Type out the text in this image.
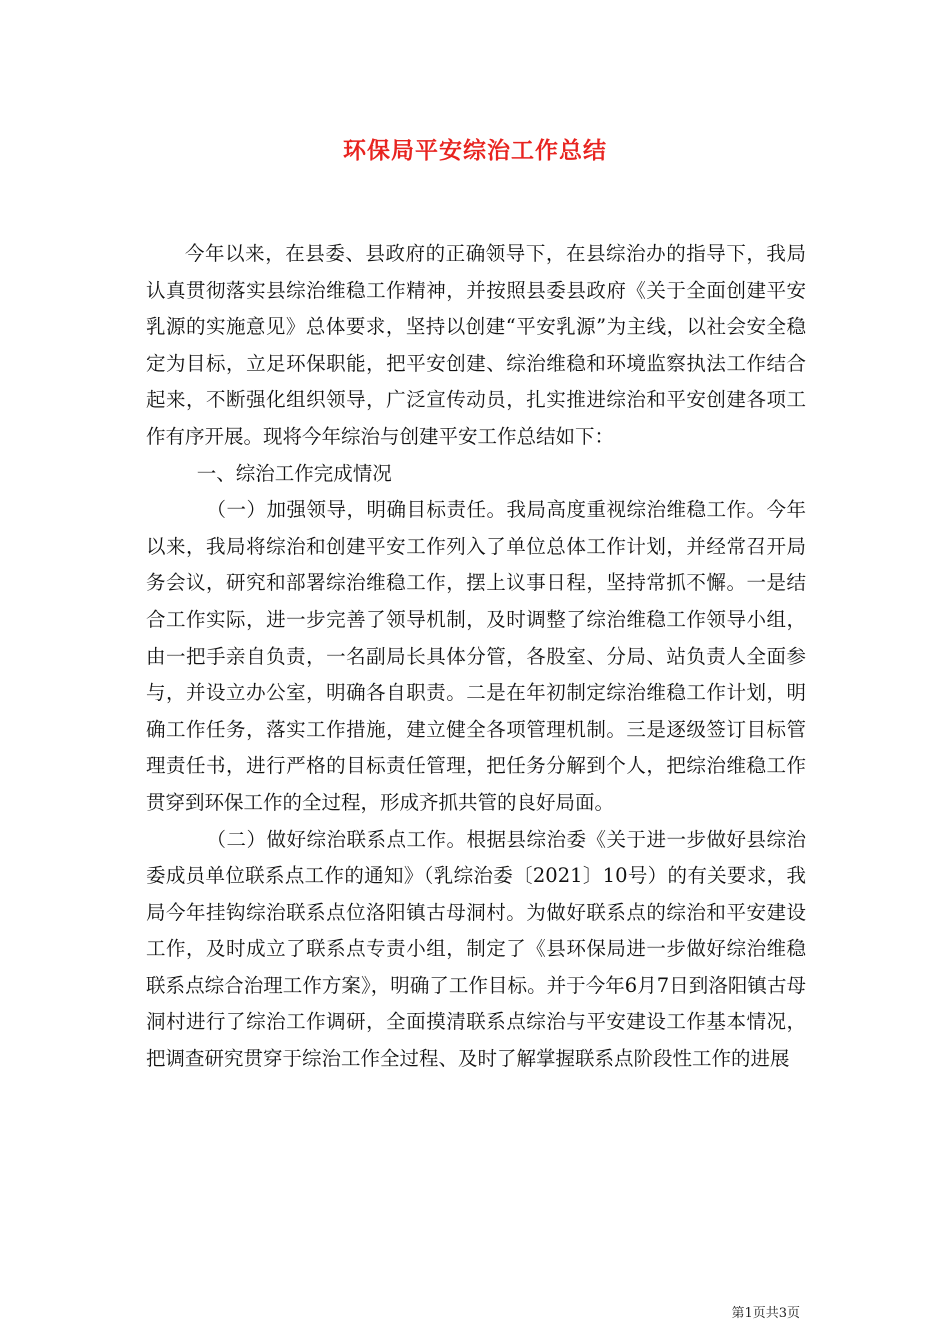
环保局平安综治工作总结

今年以来，在县委、县政府的正确领导下，在县综治办的指导下，我局认真贯彻落实县综治维稳工作精神，并按照县委县政府《关于全面创建平安乳源的实施意见》总体要求，坚持以创建“平安乳源”为主线，以社会安全稳定为目标，立足环保职能，把平安创建、综治维稳和环境监察执法工作结合起来，不断强化组织领导，广泛宣传动员，扎实推进综治和平安创建各项工作有序开展。现将今年综治与创建平安工作总结如下：

一、综治工作完成情况

（一）加强领导，明确目标责任。我局高度重视综治维稳工作。今年以来，我局将综治和创建平安工作列入了单位总体工作计划，并经常召开局务会议，研究和部署综治维稳工作，摆上议事日程，坚持常抓不懈。一是结合工作实际，进一步完善了领导机制，及时调整了综治维稳工作领导小组，由一把手亲自负责，一名副局长具体分管，各股室、分局、站负责人全面参与，并设立办公室，明确各自职责。二是在年初制定综治维稳工作计划，明确工作任务，落实工作措施，建立健全各项管理机制。三是逐级签订目标管理责任书，进行严格的目标责任管理，把任务分解到个人，把综治维稳工作贯穿到环保工作的全过程，形成齐抓共管的良好局面。

（二）做好综治联系点工作。根据县综治委《关于进一步做好县综治委成员单位联系点工作的通知》（乳综治委〔2021〕10号）的有关要求，我局今年挂钩综治联系点位洛阳镇古母洞村。为做好联系点的综治和平安建设工作，及时成立了联系点专责小组，制定了《县环保局进一步做好综治维稳联系点综合治理工作方案》，明确了工作目标。并于今年6月7日到洛阳镇古母洞村进行了综治工作调研，全面摸清联系点综治与平安建设工作基本情况，把调查研究贯穿于综治工作全过程、及时了解掌握联系点阶段性工作的进展

第1页共3页
